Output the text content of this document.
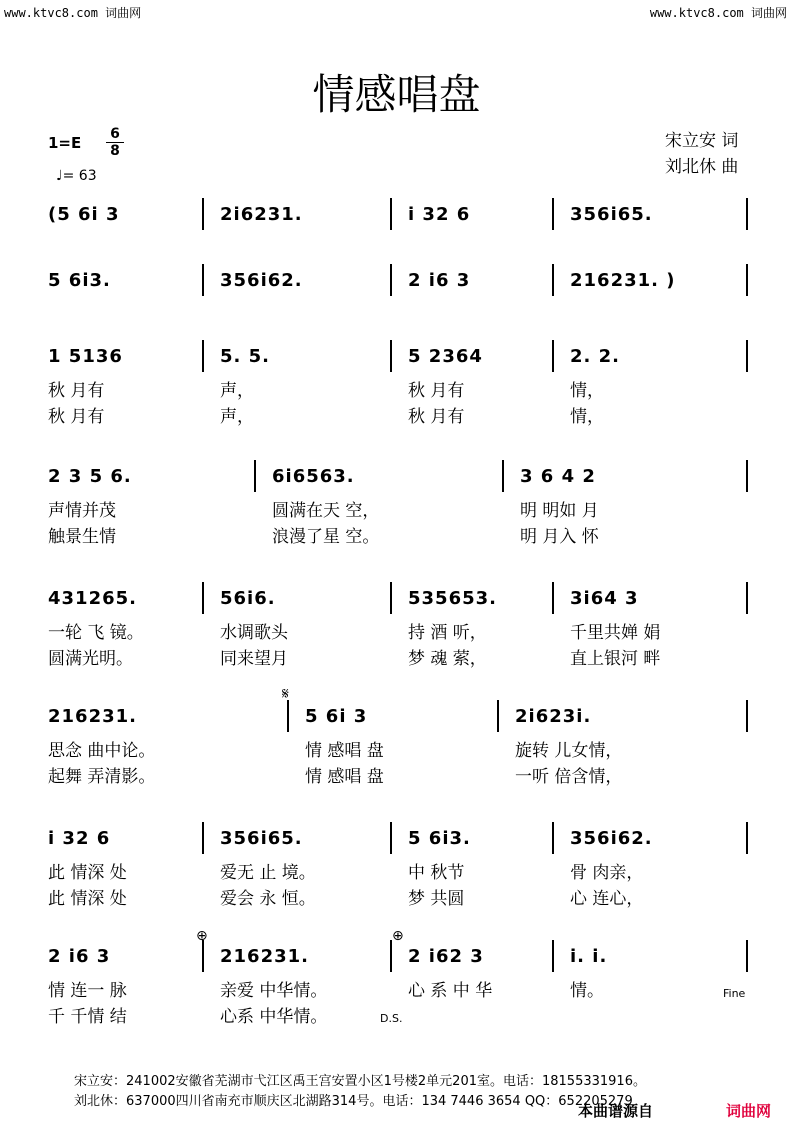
www.ktvc8.com 词曲网	www.ktvc8.com 词曲网
情感唱盘
1=E 6
8
♩= 63
宋立安 词
刘北休 曲
(5 6i 3	2i6231.	i 32 6	356i65.
5 6i3.	356i62.	2 i6 3	216231. )
1 5136	5. 5.	5 2364	2. 2.
秋 月有	声，	秋 月有	情，
秋 月有	声，	秋 月有	情，
2 3 5 6.	6i6563.	3 6 4 2
声情并茂	圆满在天 空，	明 明如 月
触景生情	浪漫了星 空。	明 月入 怀
431265.	56i6.	535653.	3i64 3
一轮 飞 镜。	水调歌头	持 酒 听，	千里共婵 娟
圆满光明。	同来望月	梦 魂 萦，	直上银河 畔
216231.	5 6i 3	2i623i.
思念 曲中论。	情 感唱 盘	旋转 儿女情，
起舞 弄清影。	情 感唱 盘	一听 倍含情，
i 32 6	356i65.	5 6i3.	356i62.
此 情深 处	爱无 止 境。	中 秋节	骨 肉亲，
此 情深 处	爱会 永 恒。	梦 共圆	心 连心，
2 i6 3	216231.	2 i62 3	i. i.
情 连一 脉	亲爱 中华情。	心 系 中 华	情。
千 千情 结	心系 中华情。
𝄋
⊕	⊕
Fine
D.S.
宋立安：241002安徽省芜湖市弋江区禹王宫安置小区1号楼2单元201室。电话：18155331916。
刘北休：637000四川省南充市顺庆区北湖路314号。电话：134 7446 3654 QQ：652205279
本曲谱源自	词曲网
